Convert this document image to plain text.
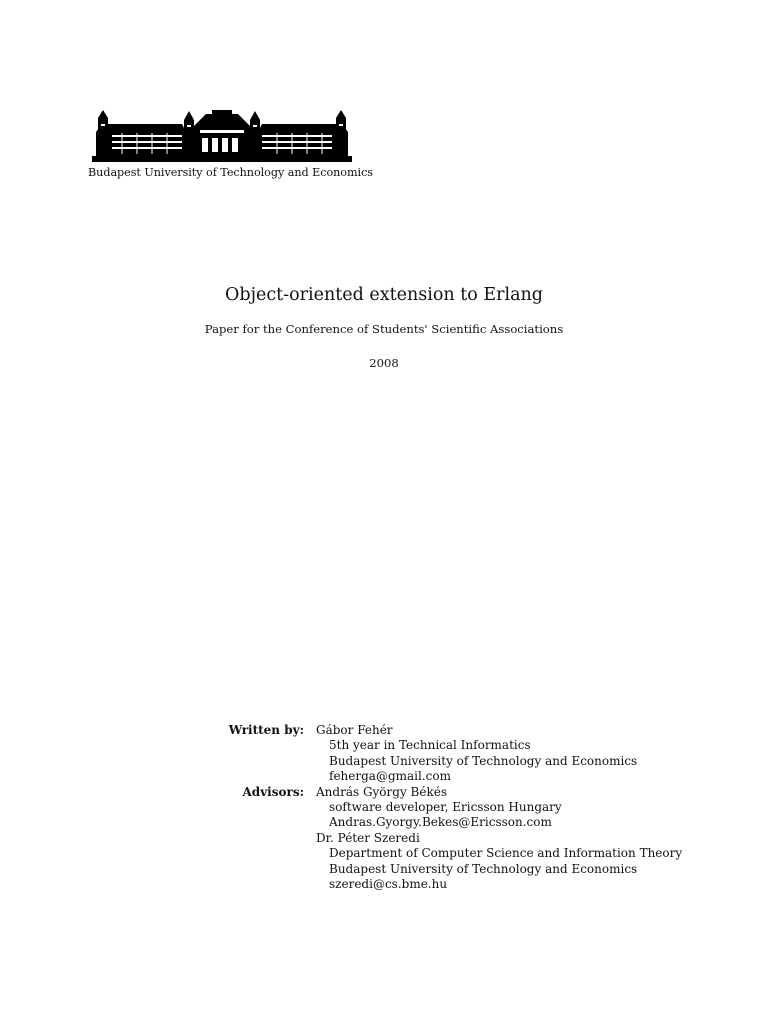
Budapest University of Technology and Economics
Object-oriented extension to Erlang
Paper for the Conference of Students' Scientific Associations
2008
Written by:	Gábor Fehér
5th year in Technical Informatics
Budapest University of Technology and Economics
feherga@gmail.com
Advisors:	András György Békés
software developer, Ericsson Hungary
Andras.Gyorgy.Bekes@Ericsson.com
Dr. Péter Szeredi
Department of Computer Science and Information Theory
Budapest University of Technology and Economics
szeredi@cs.bme.hu
